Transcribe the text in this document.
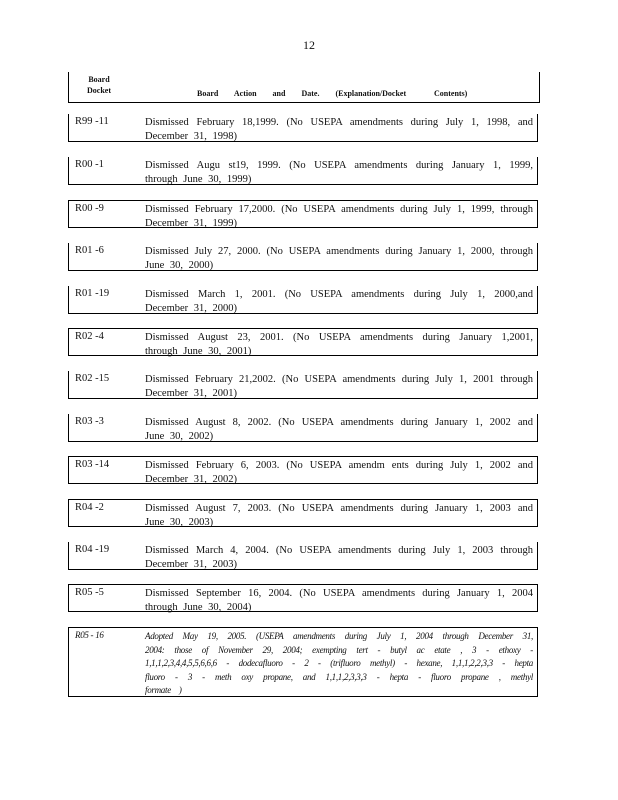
12
Board
Docket	Board Action and Date. (Explanation/Docket	Contents)
R99 -11	Dismissed February 18,1999. (No USEPA amendments during July 1, 1998, and December 31, 1998)
R00 -1	Dismissed Augu st19, 1999. (No USEPA amendments during January 1, 1999, through June 30, 1999)
R00 -9	Dismissed February 17,2000. (No USEPA amendments during July 1, 1999, through December 31, 1999)
R01 -6	Dismissed July 27, 2000. (No USEPA amendments during January 1, 2000, through June 30, 2000)
R01 -19	Dismissed March 1, 2001. (No USEPA amendments during July 1, 2000,and December 31, 2000)
R02 -4	Dismissed August 23, 2001. (No USEPA amendments during January 1,2001, through June 30, 2001)
R02 -15	Dismissed February 21,2002. (No USEPA amendments during July 1, 2001 through December 31, 2001)
R03 -3	Dismissed August 8, 2002. (No USEPA amendments during January 1, 2002 and June 30, 2002)
R03 -14	Dismissed February 6, 2003. (No USEPA amendm ents during July 1, 2002 and December 31, 2002)
R04 -2	Dismissed August 7, 2003. (No USEPA amendments during January 1, 2003 and June 30, 2003)
R04 -19	Dismissed March 4, 2004. (No USEPA amendments during July 1, 2003 through December 31, 2003)
R05 -5	Dismissed September 16, 2004. (No USEPA amendments during January 1, 2004 through June 30, 2004)
R05 - 16	Adopted May 19, 2005. (USEPA amendments during July 1, 2004 through December 31, 2004: those of November 29, 2004; exempting tert - butyl ac etate , 3 - ethoxy - 1,1,1,2,3,4,4,5,5,6,6,6 - dodecafluoro - 2 - (trifluoro methyl) - hexane, 1,1,1,2,2,3,3 - hepta fluoro - 3 - meth oxy propane, and 1,1,1,2,3,3,3 - hepta - fluoro propane , methyl formate )
